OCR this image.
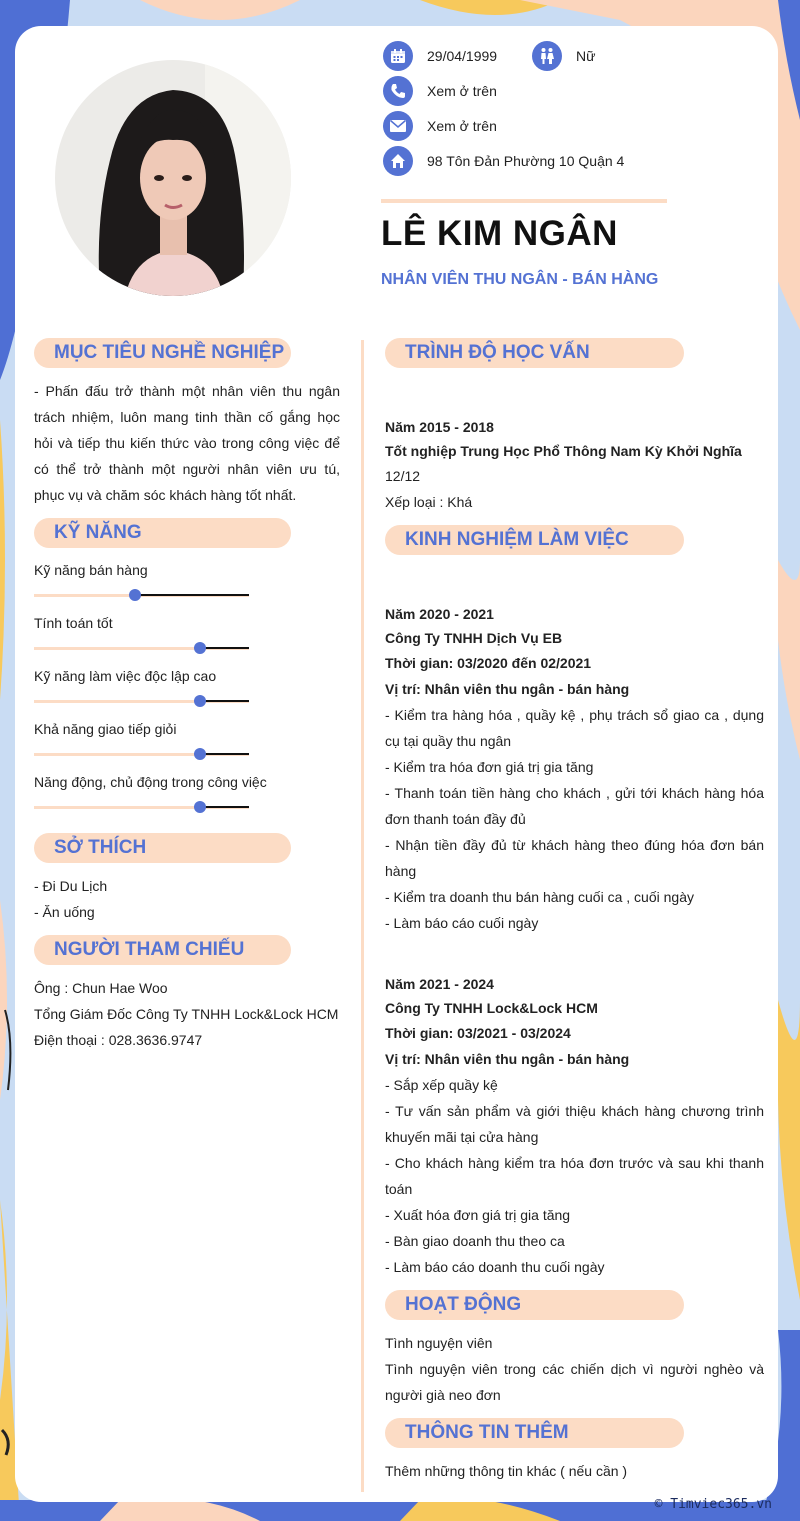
29/04/1999	Nữ
Xem ở trên
Xem ở trên
98 Tôn Đản Phường 10 Quận 4
LÊ KIM NGÂN
NHÂN VIÊN THU NGÂN - BÁN HÀNG
MỤC TIÊU NGHỀ NGHIỆP
- Phấn đấu trở thành một nhân viên thu ngân trách nhiệm, luôn mang tinh thần cố gắng học hỏi và tiếp thu kiến thức vào trong công việc để có thể trở thành một người nhân viên ưu tú, phục vụ và chăm sóc khách hàng tốt nhất.
KỸ NĂNG
Kỹ năng bán hàng
Tính toán tốt
Kỹ năng làm việc độc lập cao
Khả năng giao tiếp giỏi
Năng động, chủ động trong công việc
SỞ THÍCH
- Đi Du Lịch
- Ăn uống
NGƯỜI THAM CHIẾU
Ông : Chun Hae Woo
Tổng Giám Đốc Công Ty TNHH Lock&Lock HCM
Điện thoại : 028.3636.9747
TRÌNH ĐỘ HỌC VẤN
Năm 2015 - 2018
Tốt nghiệp Trung Học Phổ Thông Nam Kỳ Khởi Nghĩa
12/12
Xếp loại : Khá
KINH NGHIỆM LÀM VIỆC
Năm 2020 - 2021
Công Ty TNHH Dịch Vụ EB
Thời gian: 03/2020 đến 02/2021
Vị trí: Nhân viên thu ngân - bán hàng
- Kiểm tra hàng hóa , quầy kệ , phụ trách sổ giao ca , dụng cụ tại quầy thu ngân
- Kiểm tra hóa đơn giá trị gia tăng
- Thanh toán tiền hàng cho khách , gửi tới khách hàng hóa đơn thanh toán đầy đủ
- Nhận tiền đầy đủ từ khách hàng theo đúng hóa đơn bán hàng
- Kiểm tra doanh thu bán hàng cuối ca , cuối ngày
- Làm báo cáo cuối ngày
Năm 2021 - 2024
Công Ty TNHH Lock&Lock HCM
Thời gian: 03/2021 - 03/2024
Vị trí: Nhân viên thu ngân - bán hàng
- Sắp xếp quầy kệ
- Tư vấn sản phẩm và giới thiệu khách hàng chương trình khuyến mãi tại cửa hàng
- Cho khách hàng kiểm tra hóa đơn trước và sau khi thanh toán
- Xuất hóa đơn giá trị gia tăng
- Bàn giao doanh thu theo ca
- Làm báo cáo doanh thu cuối ngày
HOẠT ĐỘNG
Tình nguyện viên
Tình nguyện viên trong các chiến dịch vì người nghèo và người già neo đơn
THÔNG TIN THÊM
Thêm những thông tin khác ( nếu cần )
© Timviec365.vn
